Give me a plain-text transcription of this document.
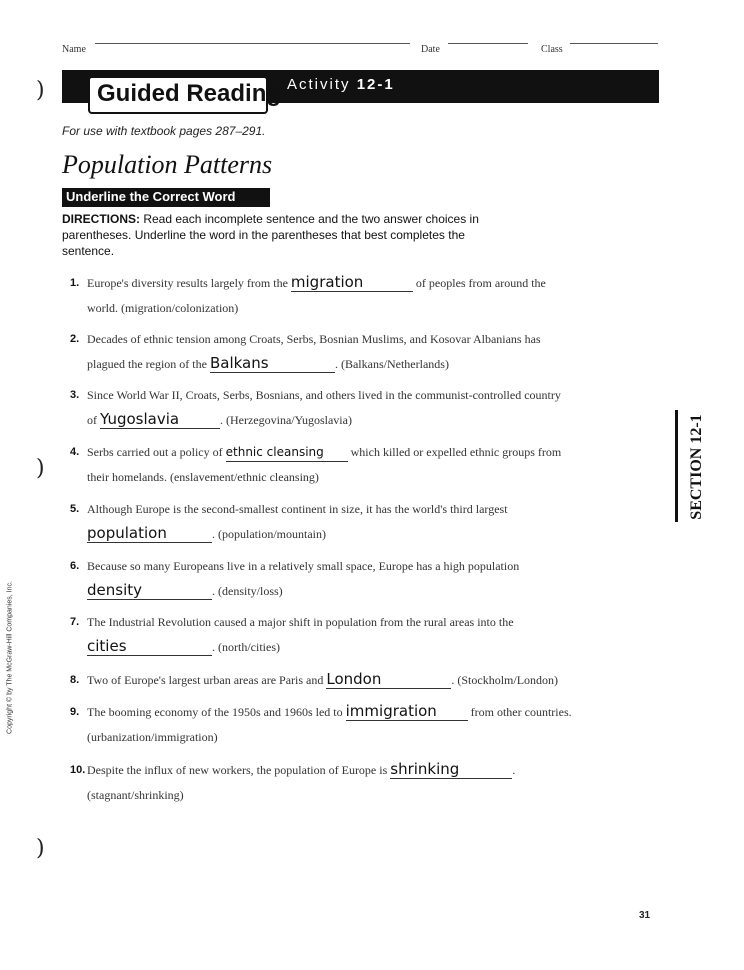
Name	Date	Class
)
)
)
Guided Reading Activity 12-1
For use with textbook pages 287–291.
Population Patterns
Underline the Correct Word
DIRECTIONS: Read each incomplete sentence and the two answer choices in parentheses. Underline the word in the parentheses that best completes the sentence.
1. Europe's diversity results largely from the migration	of peoples from around the
world. (migration/colonization)
2. Decades of ethnic tension among Croats, Serbs, Bosnian Muslims, and Kosovar Albanians has
plagued the region of the Balkans	. (Balkans/Netherlands)
3. Since World War II, Croats, Serbs, Bosnians, and others lived in the communist-controlled country
of Yugoslavia	. (Herzegovina/Yugoslavia)
4. Serbs carried out a policy of ethnic cleansing which killed or expelled ethnic groups from
their homelands. (enslavement/ethnic cleansing)
5. Although Europe is the second-smallest continent in size, it has the world's third largest
population	. (population/mountain)
6. Because so many Europeans live in a relatively small space, Europe has a high population
density	. (density/loss)
7. The Industrial Revolution caused a major shift in population from the rural areas into the
cities	. (north/cities)
8. Two of Europe's largest urban areas are Paris and London	. (Stockholm/London)
9. The booming economy of the 1950s and 1960s led to immigration	from other countries.
(urbanization/immigration)
10. Despite the influx of new workers, the population of Europe is shrinking	.
(stagnant/shrinking)
SECTION 12-1
Copyright © by The McGraw-Hill Companies, Inc.
31
